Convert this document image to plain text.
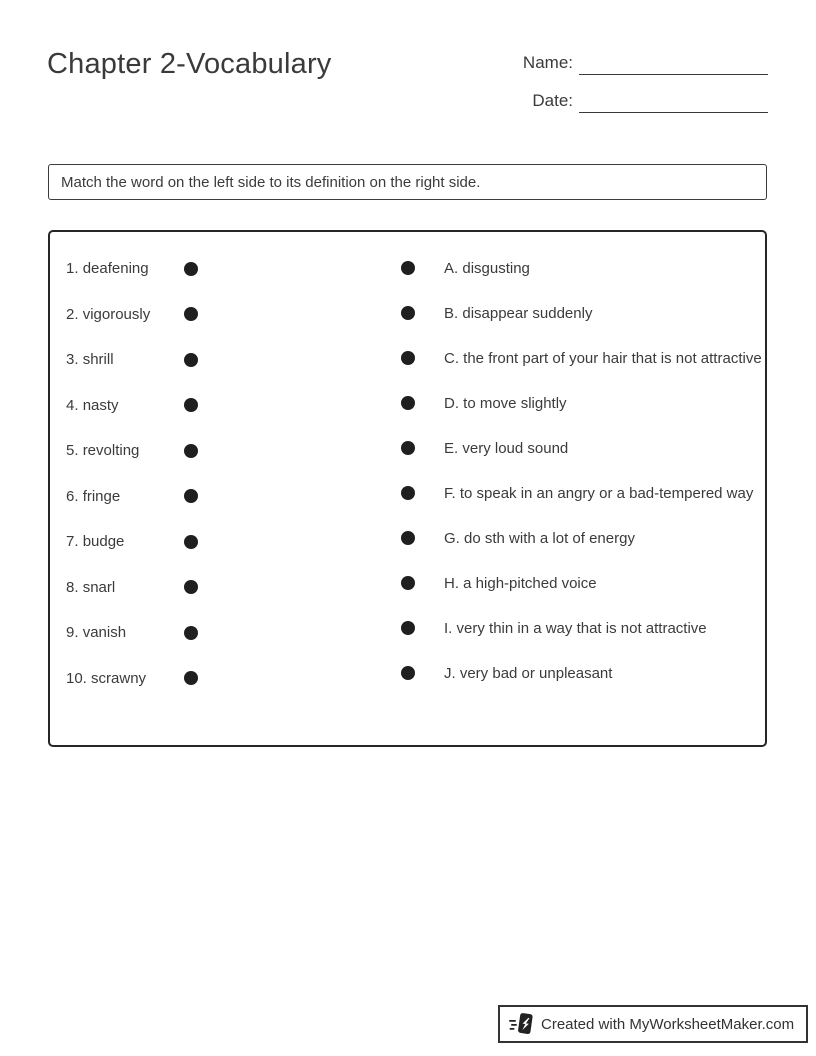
Chapter 2-Vocabulary	Name:
Date:
Match the word on the left side to its definition on the right side.
1. deafening
2. vigorously
3. shrill
4. nasty
5. revolting
6. fringe
7. budge
8. snarl
9. vanish
10. scrawny
A. disgusting
B. disappear suddenly
C. the front part of your hair that is not attractive
D. to move slightly
E. very loud sound
F. to speak in an angry or a bad-tempered way
G. do sth with a lot of energy
H. a high-pitched voice
I. very thin in a way that is not attractive
J. very bad or unpleasant
Created with MyWorksheetMaker.com
